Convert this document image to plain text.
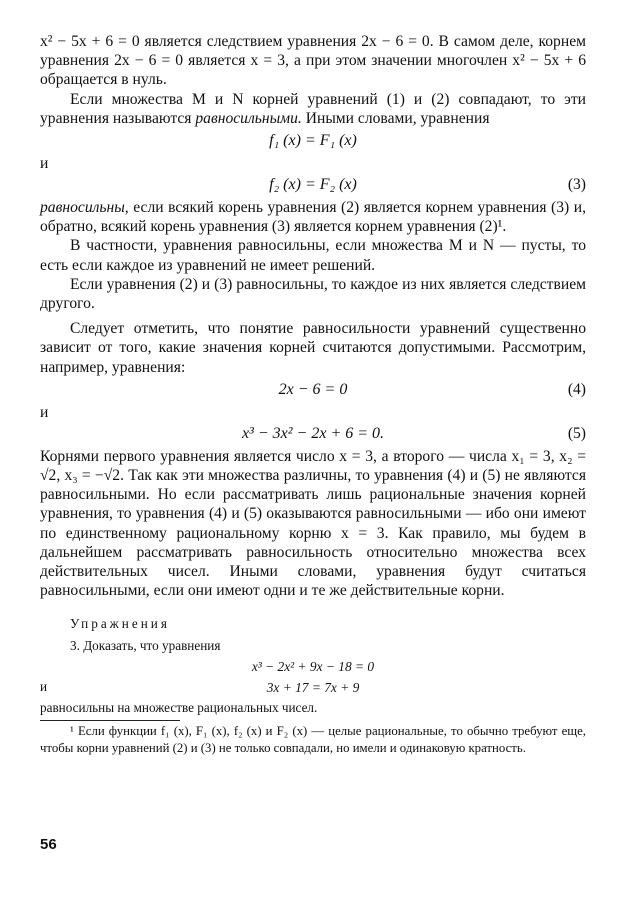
x² − 5x + 6 = 0 является следствием уравнения 2x − 6 = 0. В самом деле, корнем уравнения 2x − 6 = 0 является x = 3, а при этом значении многочлен x² − 5x + 6 обращается в нуль.

Если множества M и N корней уравнений (1) и (2) совпадают, то эти уравнения называются равносильными. Иными словами, уравнения

f₁ (x) = F₁ (x)
и
f₂ (x) = F₂ (x)	(3)

равносильны, если всякий корень уравнения (2) является корнем уравнения (3) и, обратно, всякий корень уравнения (3) является корнем уравнения (2)¹.

В частности, уравнения равносильны, если множества M и N — пусты, то есть если каждое из уравнений не имеет решений.

Если уравнения (2) и (3) равносильны, то каждое из них является следствием другого.

Следует отметить, что понятие равносильности уравнений существенно зависит от того, какие значения корней считаются допустимыми. Рассмотрим, например, уравнения:

2x − 6 = 0	(4)
и
x³ − 3x² − 2x + 6 = 0.	(5)

Корнями первого уравнения является число x = 3, а второго — числа x₁ = 3, x₂ = √2, x₃ = −√2. Так как эти множества различны, то уравнения (4) и (5) не являются равносильными. Но если рассматривать лишь рациональные значения корней уравнения, то уравнения (4) и (5) оказываются равносильными — ибо они имеют по единственному рациональному корню x = 3. Как правило, мы будем в дальнейшем рассматривать равносильность относительно множества всех действительных чисел. Иными словами, уравнения будут считаться равносильными, если они имеют одни и те же действительные корни.

Упражнения
3. Доказать, что уравнения
x³ − 2x² + 9x − 18 = 0
и	3x + 17 = 7x + 9
равносильны на множестве рациональных чисел.

¹ Если функции f₁ (x), F₁ (x), f₂ (x) и F₂ (x) — целые рациональные, то обычно требуют еще, чтобы корни уравнений (2) и (3) не только совпадали, но имели и одинаковую кратность.

56
